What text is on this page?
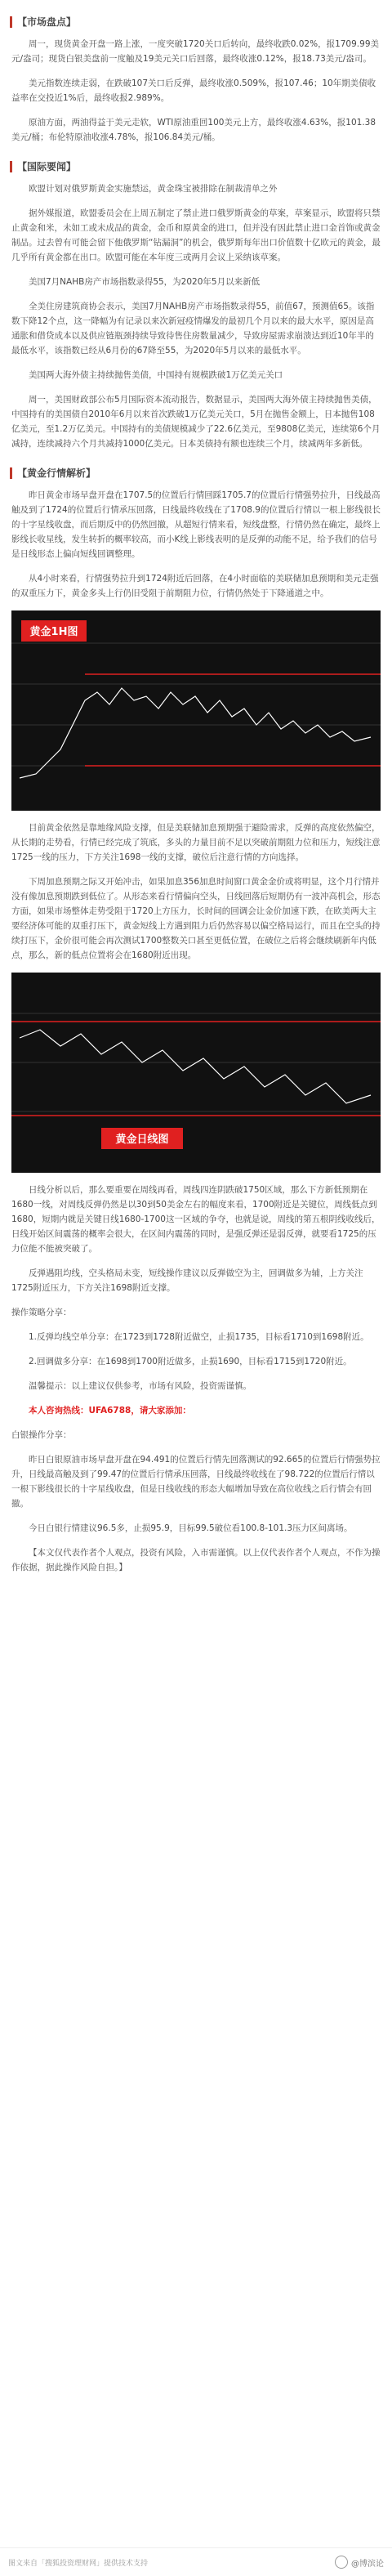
【市场盘点】

周一，现货黄金开盘一路上涨，一度突破1720关口后转向，最终收跌0.02%，报1709.99美元/盎司；现货白银美盘前一度触及19美元关口后回落，最终收涨0.12%，报18.73美元/盎司。

美元指数连续走弱，在跌破107关口后反弹，最终收涨0.509%，报107.46；10年期美债收益率在交投近1%后，最终收报2.989%。

原油方面，两油得益于美元走软，WTI原油重回100美元上方，最终收涨4.63%，报101.38美元/桶；布伦特原油收涨4.78%，报106.84美元/桶。

【国际要闻】

欧盟计划对俄罗斯黄金实施禁运，黄金珠宝被排除在制裁清单之外

据外媒报道，欧盟委员会在上周五制定了禁止进口俄罗斯黄金的草案，草案显示，欧盟将只禁止黄金和米，未如工或未成品的黄金，金币和原黄金的进口，但并没有因此禁止进口金首饰或黄金制品。过去曾有可能会留下他俄罗斯“钻漏洞”的机会，俄罗斯每年出口价值数十亿欧元的黄金，最几乎所有黄金都在出口。欧盟可能在本年度三或两月会议上采纳该草案。

美国7月NAHB房产市场指数录得55，为2020年5月以来新低

全美住房建筑商协会表示，美国7月NAHB房产市场指数录得55，前值67，预测值65。该指数下降12个点，这一降幅为有记录以来次新冠疫情爆发的最初几个月以来的最大水平，原因是高通胀和借贷成本以及供应链瓶颈持续导致待售住房数量减少，导致房屋需求崩溃达到近10年半的最低水平，该指数已经从6月份的67降至55，为2020年5月以来的最低水平。

美国两大海外债主持续抛售美债，中国持有规模跌破1万亿美元关口

周一，美国财政部公布5月国际资本流动报告，数据显示，美国两大海外债主持续抛售美债，中国持有的美国债自2010年6月以来首次跌破1万亿美元关口，5月在抛售金额上，日本抛售108亿美元，至1.2万亿美元。中国持有的美债规模减少了22.6亿美元，至9808亿美元，连续第6个月减持，连续减持六个月共减持1000亿美元。日本美债持有额也连续三个月，续减两年多新低。

【黄金行情解析】

昨日黄金市场早盘开盘在1707.5的位置后行情回踩1705.7的位置后行情强势拉升，日线最高触及到了1724的位置后行情承压回落，日线最终收线在了1708.9的位置后行情以一根上影线很长的十字星线收盘，而后期反中的仍然回撤，从超短行情来看，短线盘整，行情仍然在确定，最终上影线长收星线，发生转折的概率较高，而小K线上影线表明的是反弹的动能不足，给予我们的信号是日线形态上偏向短线回调整理。

从4小时来看，行情强势拉升到1724附近后回落，在4小时面临的美联储加息预期和美元走强的双重压力下，黄金多头上行仍旧受阻于前期阻力位，行情仍然处于下降通道之中。

黄金1H图

目前黄金依然是靠地缘风险支撑，但是美联储加息预期强于避险需求，反弹的高度依然偏空，从长期的走势看，行情已经完成了筑底，多头的力量目前不足以突破前期阻力位和压力，短线注意1725一线的压力，下方关注1698一线的支撑，破位后注意行情的方向选择。

下周加息预期之际又开始冲击，如果加息356加息时间窗口黄金金价或将明显，这个月行情并没有像加息预期跌到低位了。从形态来看行情偏向空头，日线回落后短期仍有一波冲高机会，形态方面，如果市场整体走势受阻于1720上方压力，长时间的回调会让金价加速下跌，在欧美两大主要经济体可能的双重打压下，黄金短线上方遇到阻力后仍然容易以偏空格局运行，而且在空头的持续打压下，金价很可能会再次测试1700整数关口甚至更低位置，在破位之后将会继续刷新年内低点，那么，新的低点位置将会在1680附近出现。

黄金日线图

日线分析以后，那么要重要在周线再看，周线四连阴跌破1750区域，那么下方新低预期在1680一线，对周线反弹仍然是以30到50美金左右的幅度来看，1700附近是关键位，周线低点到1680，短期内就是关键日线1680-1700这一区域的争夺，也就是说，周线的第五根阴线收线后，日线开始区间震荡的概率会很大，在区间内震荡的同时，是强反弹还是弱反弹，就要看1725的压力位能不能被突破了。

反弹遇阻均线，空头格局未变，短线操作建议以反弹做空为主，回调做多为辅，上方关注1725附近压力，下方关注1698附近支撑。

操作策略分享：

1.反弹均线空单分享：在1723到1728附近做空，止损1735，目标看1710到1698附近。

2.回调做多分享：在1698到1700附近做多，止损1690，目标看1715到1720附近。

温馨提示：以上建议仅供参考，市场有风险，投资需谨慎。

本人咨询热线：UFA6788，请大家添加：

白银操作分享：

昨日白银原油市场早盘开盘在94.491的位置后行情先回落测试的92.665的位置后行情强势拉升，日线最高触及到了99.47的位置后行情承压回落，日线最终收线在了98.722的位置后行情以一根下影线很长的十字星线收盘，但是日线收线的形态大幅增加导致在高位收线之后行情会有回撤。

今日白银行情建议96.5多，止损95.9，目标99.5破位看100.8-101.3压力区间离场。

【本文仅代表作者个人观点，投资有风险，入市需谨慎。以上仅代表作者个人观点，不作为操作依据，据此操作风险自担。】

图文来自「搜狐投资理财网」提供技术支持	@博滨论
